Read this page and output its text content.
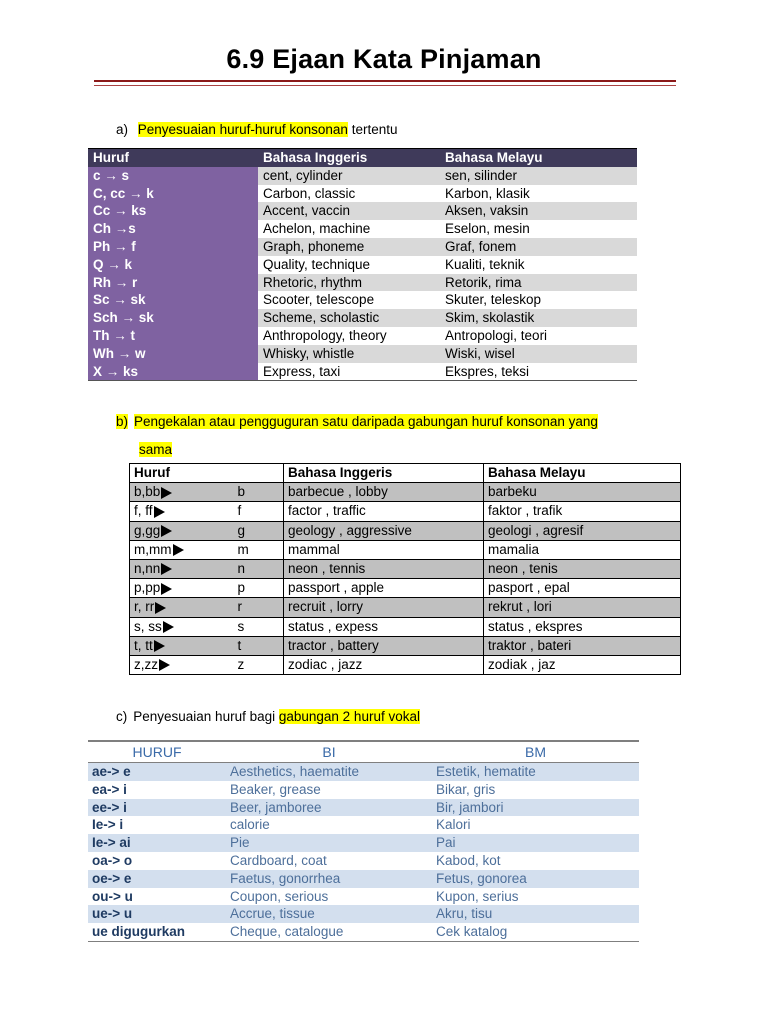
6.9 Ejaan Kata Pinjaman
a) Penyesuaian huruf-huruf konsonan tertentu
Huruf	Bahasa Inggeris	Bahasa Melayu
c → s	cent, cylinder	sen, silinder
C, cc → k	Carbon, classic	Karbon, klasik
Cc → ks	Accent, vaccin	Aksen, vaksin
Ch →s	Achelon, machine	Eselon, mesin
Ph → f	Graph, phoneme	Graf, fonem
Q → k	Quality, technique	Kualiti, teknik
Rh → r	Rhetoric, rhythm	Retorik, rima
Sc → sk	Scooter, telescope	Skuter, teleskop
Sch → sk	Scheme, scholastic	Skim, skolastik
Th → t	Anthropology, theory	Antropologi, teori
Wh → w	Whisky, whistle	Wiski, wisel
X → ks	Express, taxi	Ekspres, teksi
b) Pengekalan atau pengguguran satu daripada gabungan huruf konsonan yang
sama
Huruf		Bahasa Inggeris	Bahasa Melayu
b,bb	b	barbecue , lobby	barbeku
f, ff	f	factor , traffic	faktor , trafik
g,gg	g	geology , aggressive	geologi , agresif
m,mm	m	mammal	mamalia
n,nn	n	neon , tennis	neon , tenis
p,pp	p	passport , apple	pasport , epal
r, rr	r	recruit , lorry	rekrut , lori
s, ss	s	status , expess	status , ekspres
t, tt	t	tractor , battery	traktor , bateri
z,zz	z	zodiac , jazz	zodiak , jaz
c) Penyesuaian huruf bagi gabungan 2 huruf vokal
HURUF	BI	BM
ae-> e	Aesthetics, haematite	Estetik, hematite
ea-> i	Beaker, grease	Bikar, gris
ee-> i	Beer, jamboree	Bir, jambori
Ie-> i	calorie	Kalori
Ie-> ai	Pie	Pai
oa-> o	Cardboard, coat	Kabod, kot
oe-> e	Faetus, gonorrhea	Fetus, gonorea
ou-> u	Coupon, serious	Kupon, serius
ue-> u	Accrue, tissue	Akru, tisu
ue digugurkan	Cheque, catalogue	Cek katalog
